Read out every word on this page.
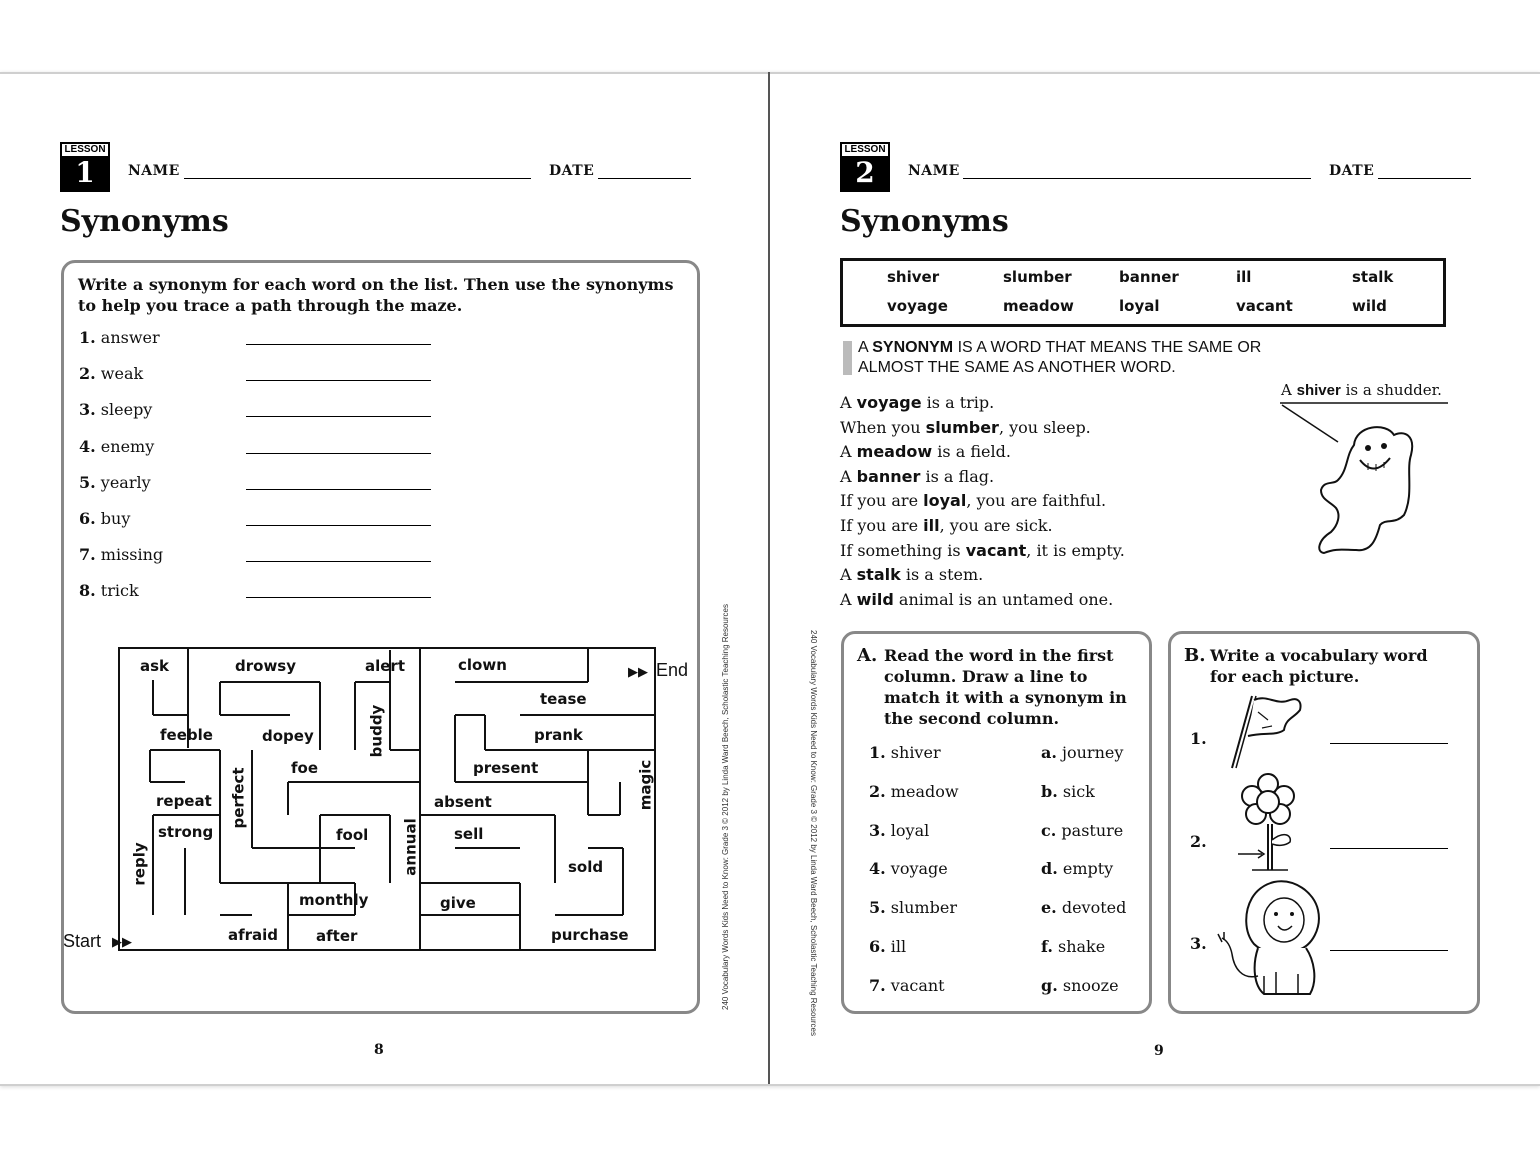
LESSON
1	NAME	DATE
Synonyms
Write a synonym for each word on the list. Then use the synonyms to help you trace a path through the maze.
1. answer
2. weak
3. sleepy
4. enemy
5. yearly
6. buy
7. missing
8. trick
ask	drowsy	alert	clown
tease
feeble	dopey	buddy	prank
foe	present	magic
repeat perfect	absent
strong	fool	sell
annual
reply	sold
monthly	give
afraid	after	purchase
Start ▶▶
▶▶ End
8
240 Vocabulary Words Kids Need to Know: Grade 3 © 2012 by Linda Ward Beech, Scholastic Teaching Resources
LESSON
2	NAME	DATE
Synonyms
shiver	slumber	banner	ill	stalk
voyage	meadow	loyal	vacant	wild
A SYNONYM IS A WORD THAT MEANS THE SAME OR
ALMOST THE SAME AS ANOTHER WORD.
A shiver is a shudder.
A voyage is a trip.
When you slumber, you sleep.
A meadow is a field.
A banner is a flag.
If you are loyal, you are faithful.
If you are ill, you are sick.
If something is vacant, it is empty.
A stalk is a stem.
A wild animal is an untamed one.
A. Read the word in the first column. Draw a line to match it with a synonym in the second column.
1. shiver	a. journey
2. meadow	b. sick
3. loyal	c. pasture
4. voyage	d. empty
5. slumber	e. devoted
6. ill	f. shake
7. vacant	g. snooze
B. Write a vocabulary word for each picture.
1.
2.
3.
9
240 Vocabulary Words Kids Need to Know: Grade 3 © 2012 by Linda Ward Beech, Scholastic Teaching Resources
